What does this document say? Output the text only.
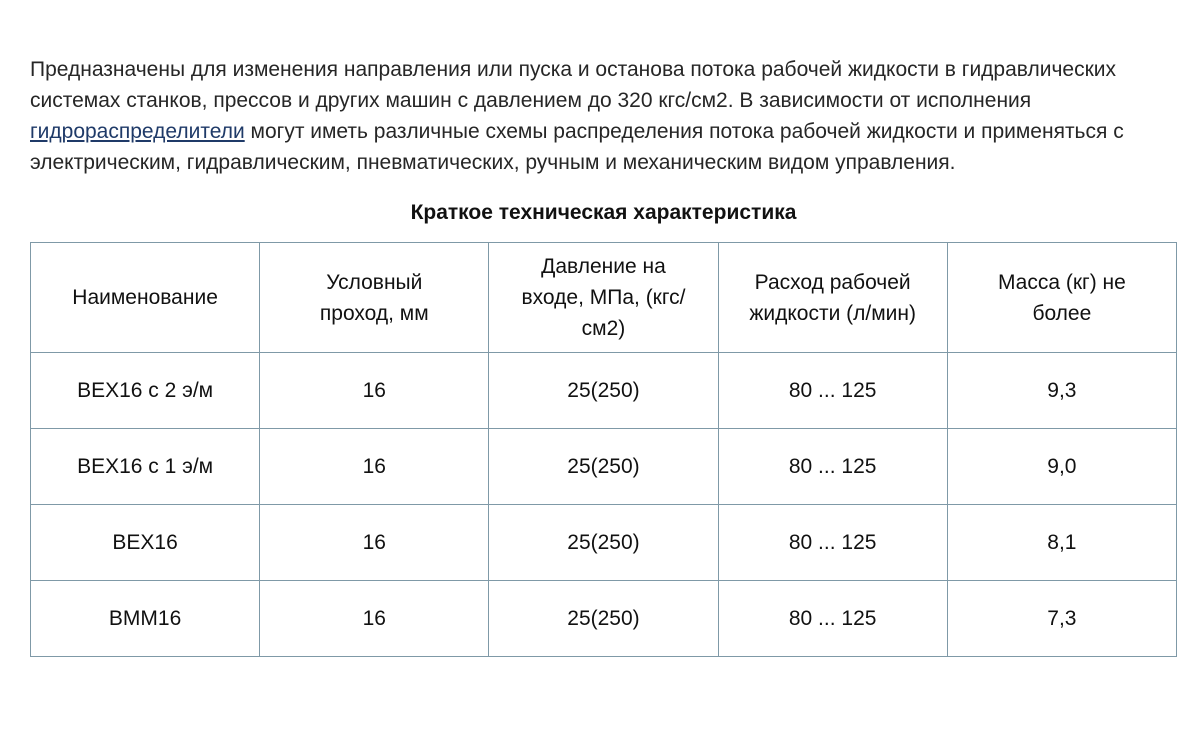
Предназначены для изменения направления или пуска и останова потока рабочей жидкости в гидравлических системах станков, прессов и других машин с давлением до 320 кгс/см2. В зависимости от исполнения гидрораспределители могут иметь различные схемы распределения потока рабочей жидкости и применяться с электрическим, гидравлическим, пневматических, ручным и механическим видом управления.

Краткое техническая характеристика
Наименование	Условный проход, мм	Давление на входе, МПа, (кгс/см2)	Расход рабочей жидкости (л/мин)	Масса (кг) не более
ВЕХ16 с 2 э/м	16	25(250)	80 ... 125	9,3
ВЕХ16 с 1 э/м	16	25(250)	80 ... 125	9,0
ВЕХ16	16	25(250)	80 ... 125	8,1
ВММ16	16	25(250)	80 ... 125	7,3
